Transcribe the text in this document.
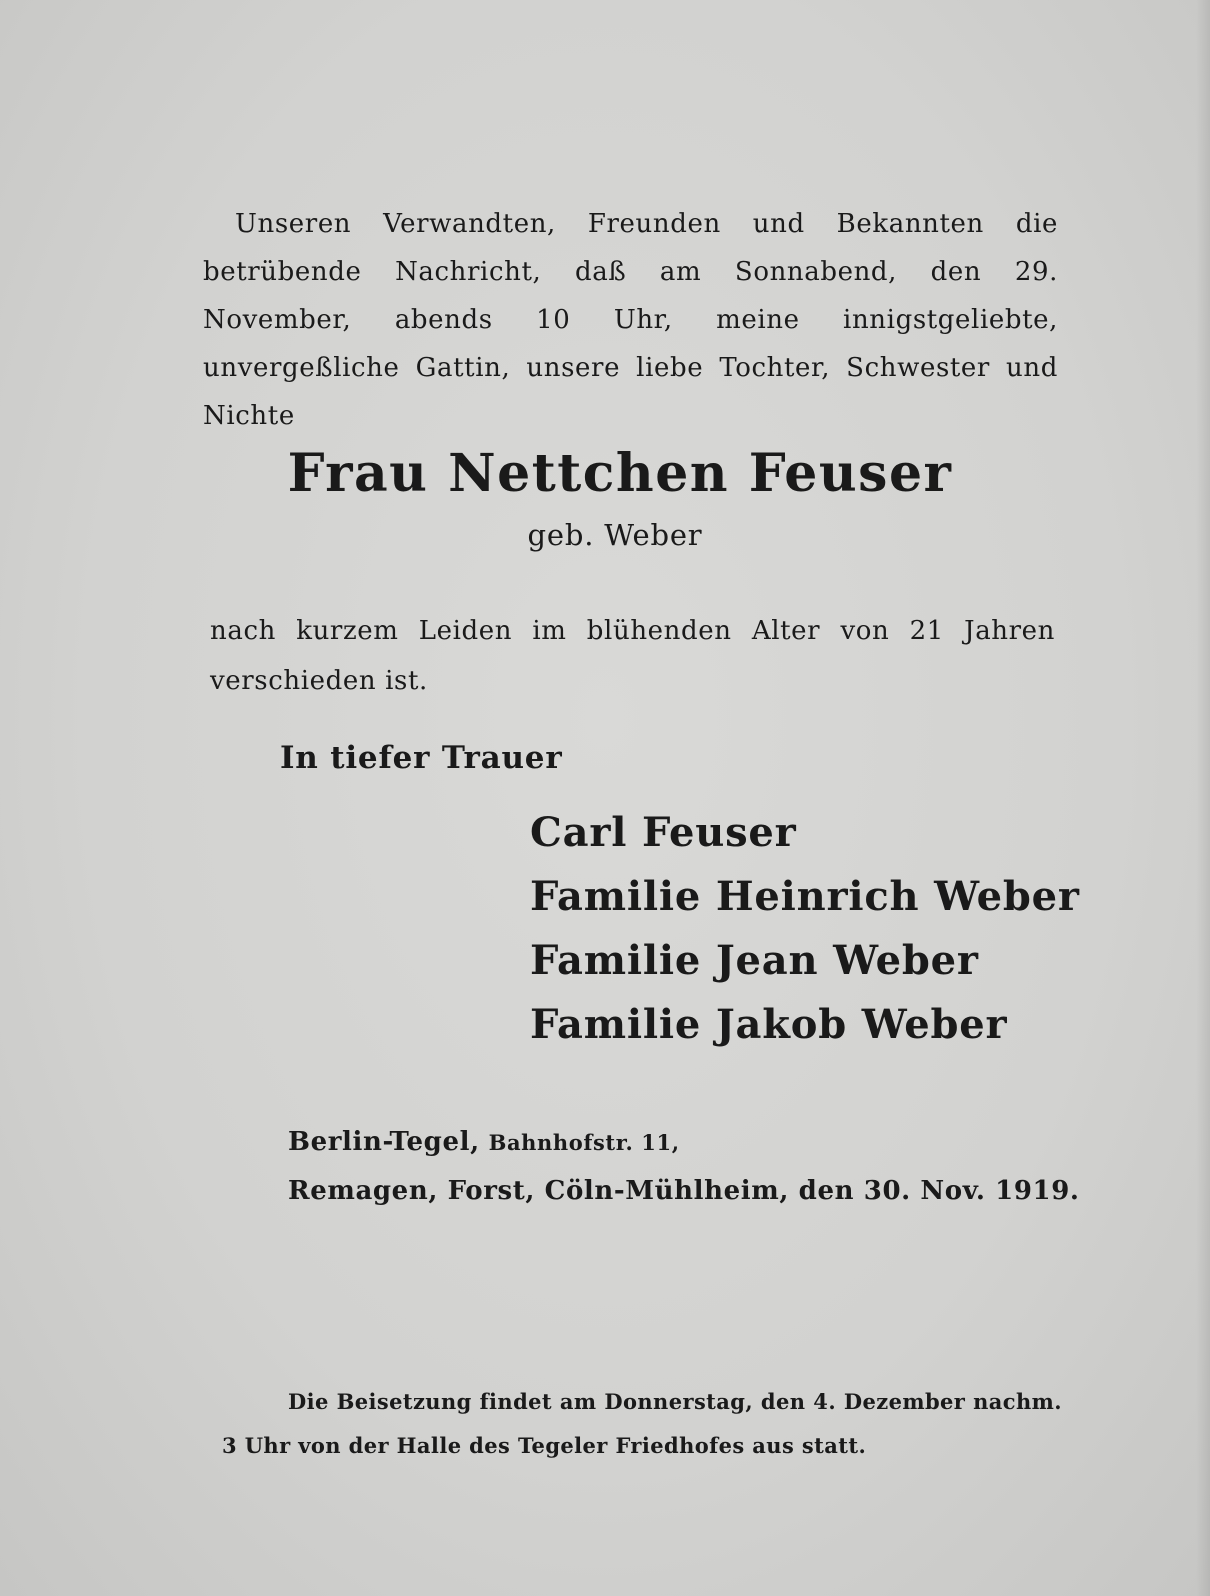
Unseren Verwandten, Freunden und Bekannten die betrübende Nachricht, daß am Sonnabend, den 29. November, abends 10 Uhr, meine innigstgeliebte, unvergeßliche Gattin, unsere liebe Tochter, Schwester und Nichte

Frau Nettchen Feuser

geb. Weber

nach kurzem Leiden im blühenden Alter von 21 Jahren verschieden ist.

In tiefer Trauer

Carl Feuser
Familie Heinrich Weber
Familie Jean Weber
Familie Jakob Weber
Berlin-Tegel, Bahnhofstr. 11,
Remagen, Forst, Cöln-Mühlheim, den 30. Nov. 1919.

Die Beisetzung findet am Donnerstag, den 4. Dezember nachm. 3 Uhr von der Halle des Tegeler Friedhofes aus statt.
